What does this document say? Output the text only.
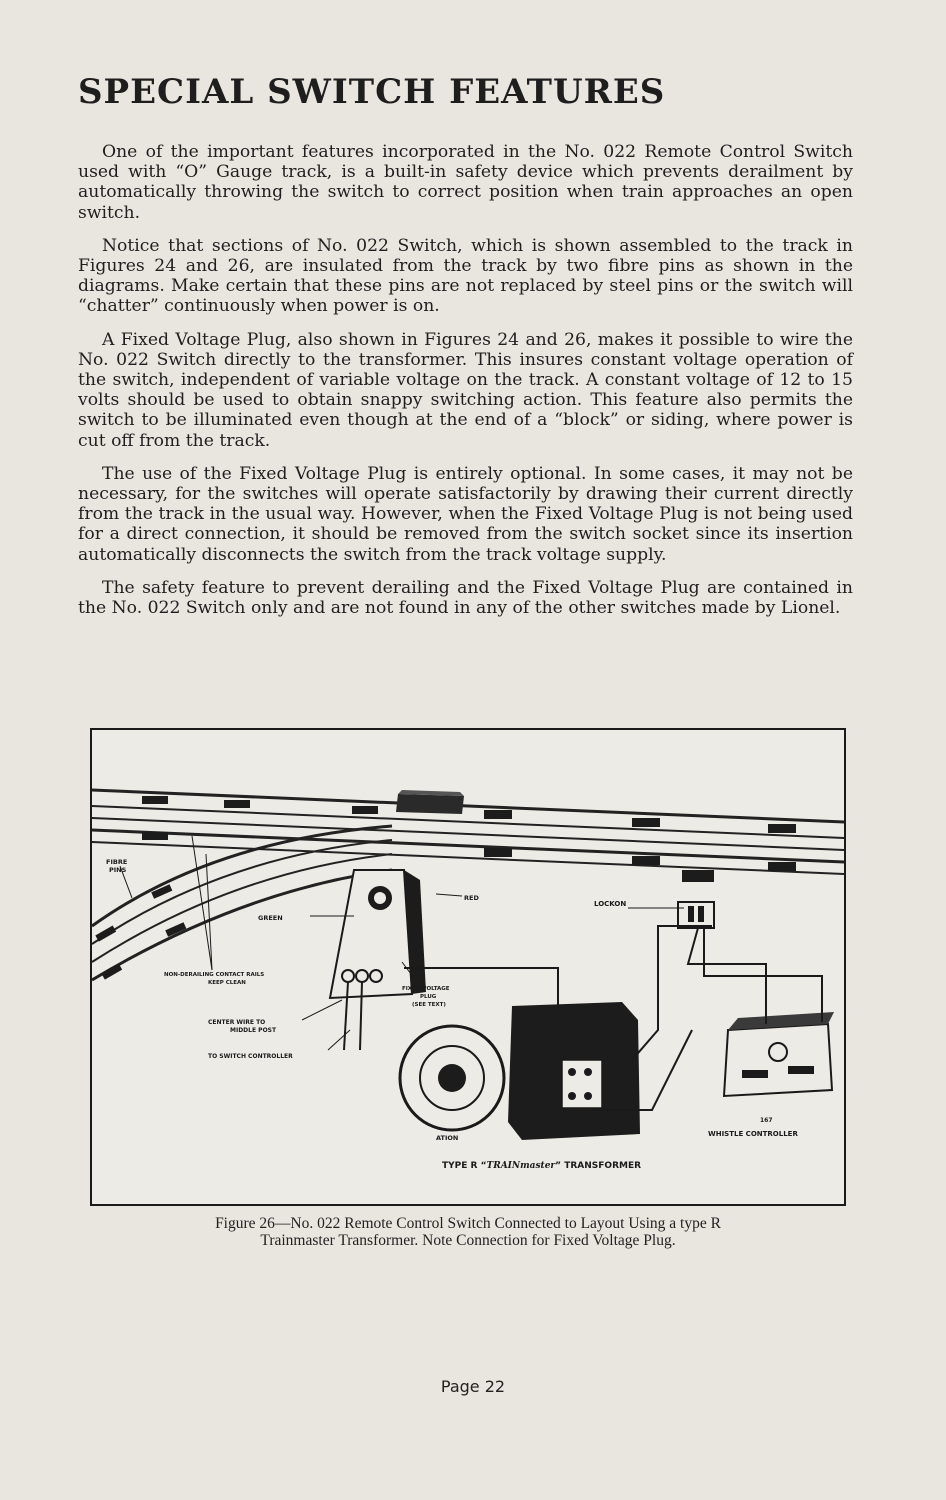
SPECIAL SWITCH FEATURES

One of the important features incorporated in the No. 022 Remote Control Switch used with “O” Gauge track, is a built-in safety device which prevents derailment by automatically throwing the switch to correct position when train approaches an open switch.

Notice that sections of No. 022 Switch, which is shown assembled to the track in Figures 24 and 26, are insulated from the track by two fibre pins as shown in the diagrams. Make certain that these pins are not replaced by steel pins or the switch will “chatter” continuously when power is on.

A Fixed Voltage Plug, also shown in Figures 24 and 26, makes it possible to wire the No. 022 Switch directly to the transformer. This insures constant voltage operation of the switch, independent of variable voltage on the track. A constant voltage of 12 to 15 volts should be used to obtain snappy switching action. This feature also permits the switch to be illuminated even though at the end of a “block” or siding, where power is cut off from the track.

The use of the Fixed Voltage Plug is entirely optional. In some cases, it may not be necessary, for the switches will operate satisfactorily by drawing their current directly from the track in the usual way. However, when the Fixed Voltage Plug is not being used for a direct connection, it should be removed from the switch socket since its insertion automatically disconnects the switch from the track voltage supply.

The safety feature to prevent derailing and the Fixed Voltage Plug are contained in the No. 022 Switch only and are not found in any of the other switches made by Lionel.

FIBRE
PINS
GREEN
RED
LOCKON
NON-DERAILING CONTACT RAILS
KEEP CLEAN
FIXED VOLTAGE
PLUG
(SEE TEXT)
CENTER WIRE TO
MIDDLE POST
TO SWITCH CONTROLLER
ATION
167
WHISTLE CONTROLLER
TYPE R “TRAINmaster” TRANSFORMER
Figure 26—No. 022 Remote Control Switch Connected to Layout Using a type R
Trainmaster Transformer. Note Connection for Fixed Voltage Plug.
Page 22
